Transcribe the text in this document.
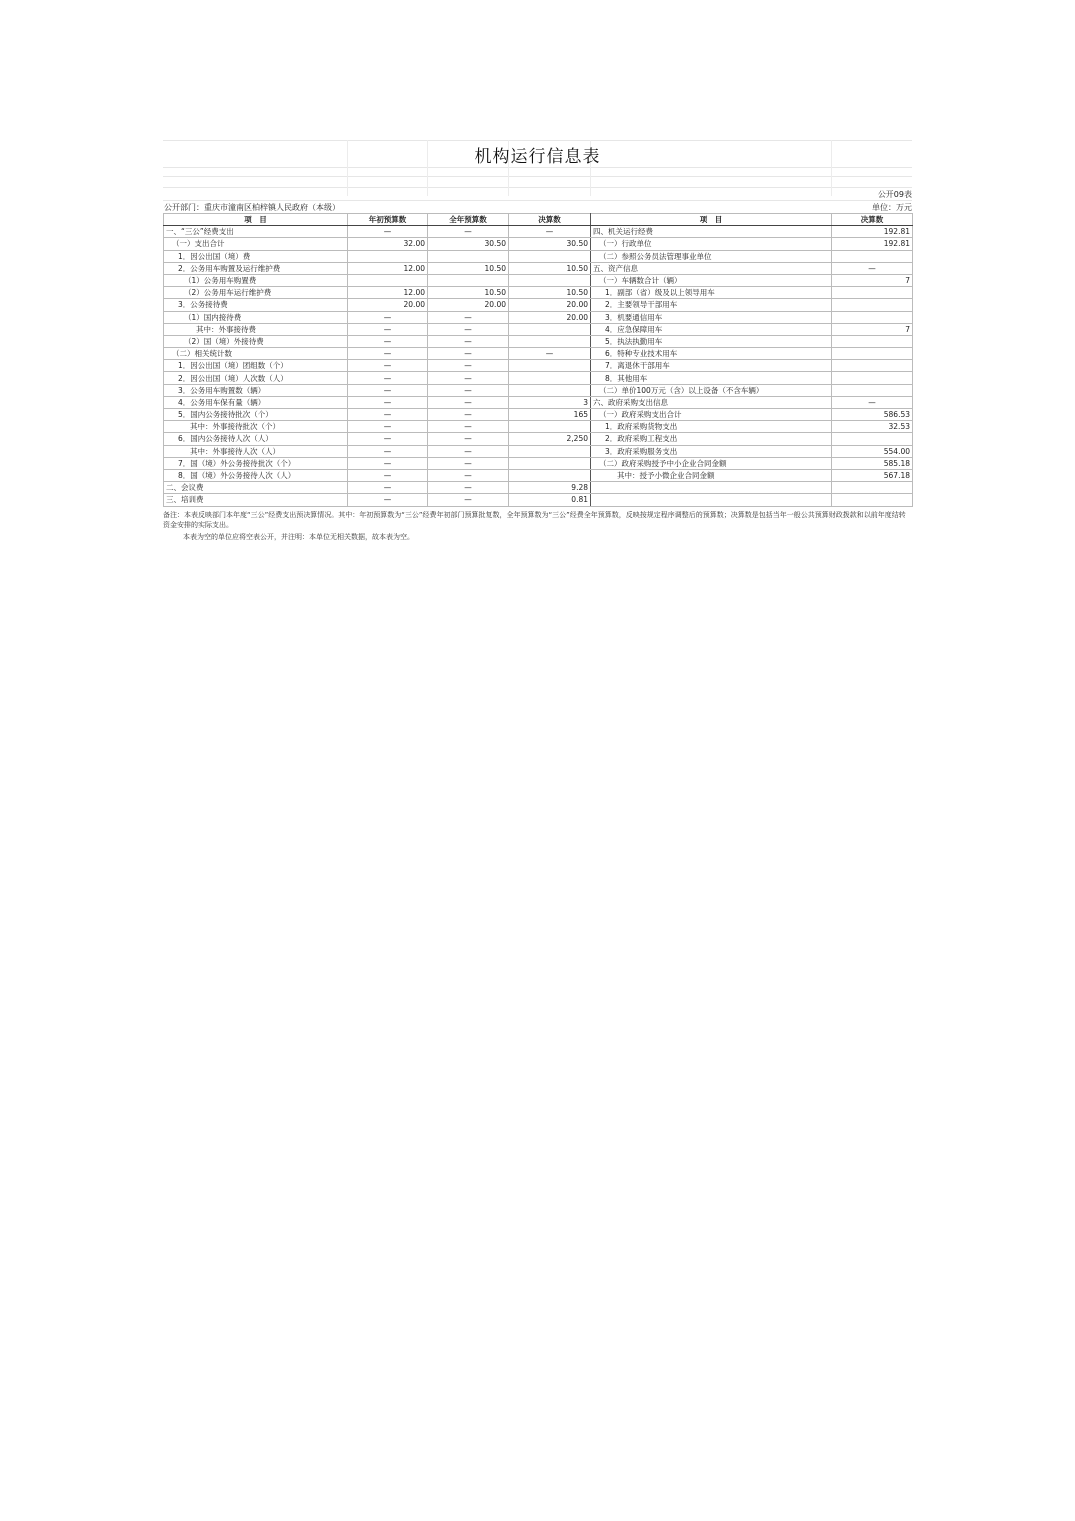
机构运行信息表
公开09表
公开部门：重庆市潼南区柏梓镇人民政府（本级）	单位：万元
项　目	年初预算数	全年预算数	决算数	项　目	决算数
一、“三公”经费支出	—	—	—	四、机关运行经费	192.81
（一）支出合计	32.00	30.50	30.50	（一）行政单位	192.81
1．因公出国（境）费				（二）参照公务员法管理事业单位	
2．公务用车购置及运行维护费	12.00	10.50	10.50	五、资产信息	—
（1）公务用车购置费				（一）车辆数合计（辆）	7
（2）公务用车运行维护费	12.00	10.50	10.50	1．副部（省）级及以上领导用车	
3．公务接待费	20.00	20.00	20.00	2．主要领导干部用车	
（1）国内接待费	—	—	20.00	3．机要通信用车	
其中：外事接待费	—	—		4．应急保障用车	7
（2）国（境）外接待费	—	—		5．执法执勤用车	
（二）相关统计数	—	—	—	6．特种专业技术用车	
1．因公出国（境）团组数（个）	—	—		7．离退休干部用车	
2．因公出国（境）人次数（人）	—	—		8．其他用车	
3．公务用车购置数（辆）	—	—		（二）单价100万元（含）以上设备（不含车辆）	
4．公务用车保有量（辆）	—	—	3	六、政府采购支出信息	—
5．国内公务接待批次（个）	—	—	165	（一）政府采购支出合计	586.53
其中：外事接待批次（个）	—	—		1．政府采购货物支出	32.53
6．国内公务接待人次（人）	—	—	2,250	2．政府采购工程支出	
其中：外事接待人次（人）	—	—		3．政府采购服务支出	554.00
7．国（境）外公务接待批次（个）	—	—		（二）政府采购授予中小企业合同金额	585.18
8．国（境）外公务接待人次（人）	—	—		其中：授予小微企业合同金额	567.18
二、会议费	—	—	9.28		
三、培训费	—	—	0.81		
备注：本表反映部门本年度“三公”经费支出预决算情况。其中：年初预算数为“三公”经费年初部门预算批复数，全年预算数为“三公”经费全年预算数，反映按规定程序调整后的预算数；决算数是包括当年一般公共预算财政拨款和以前年度结转资金安排的实际支出。
本表为空的单位应将空表公开，并注明：本单位无相关数据，故本表为空。
